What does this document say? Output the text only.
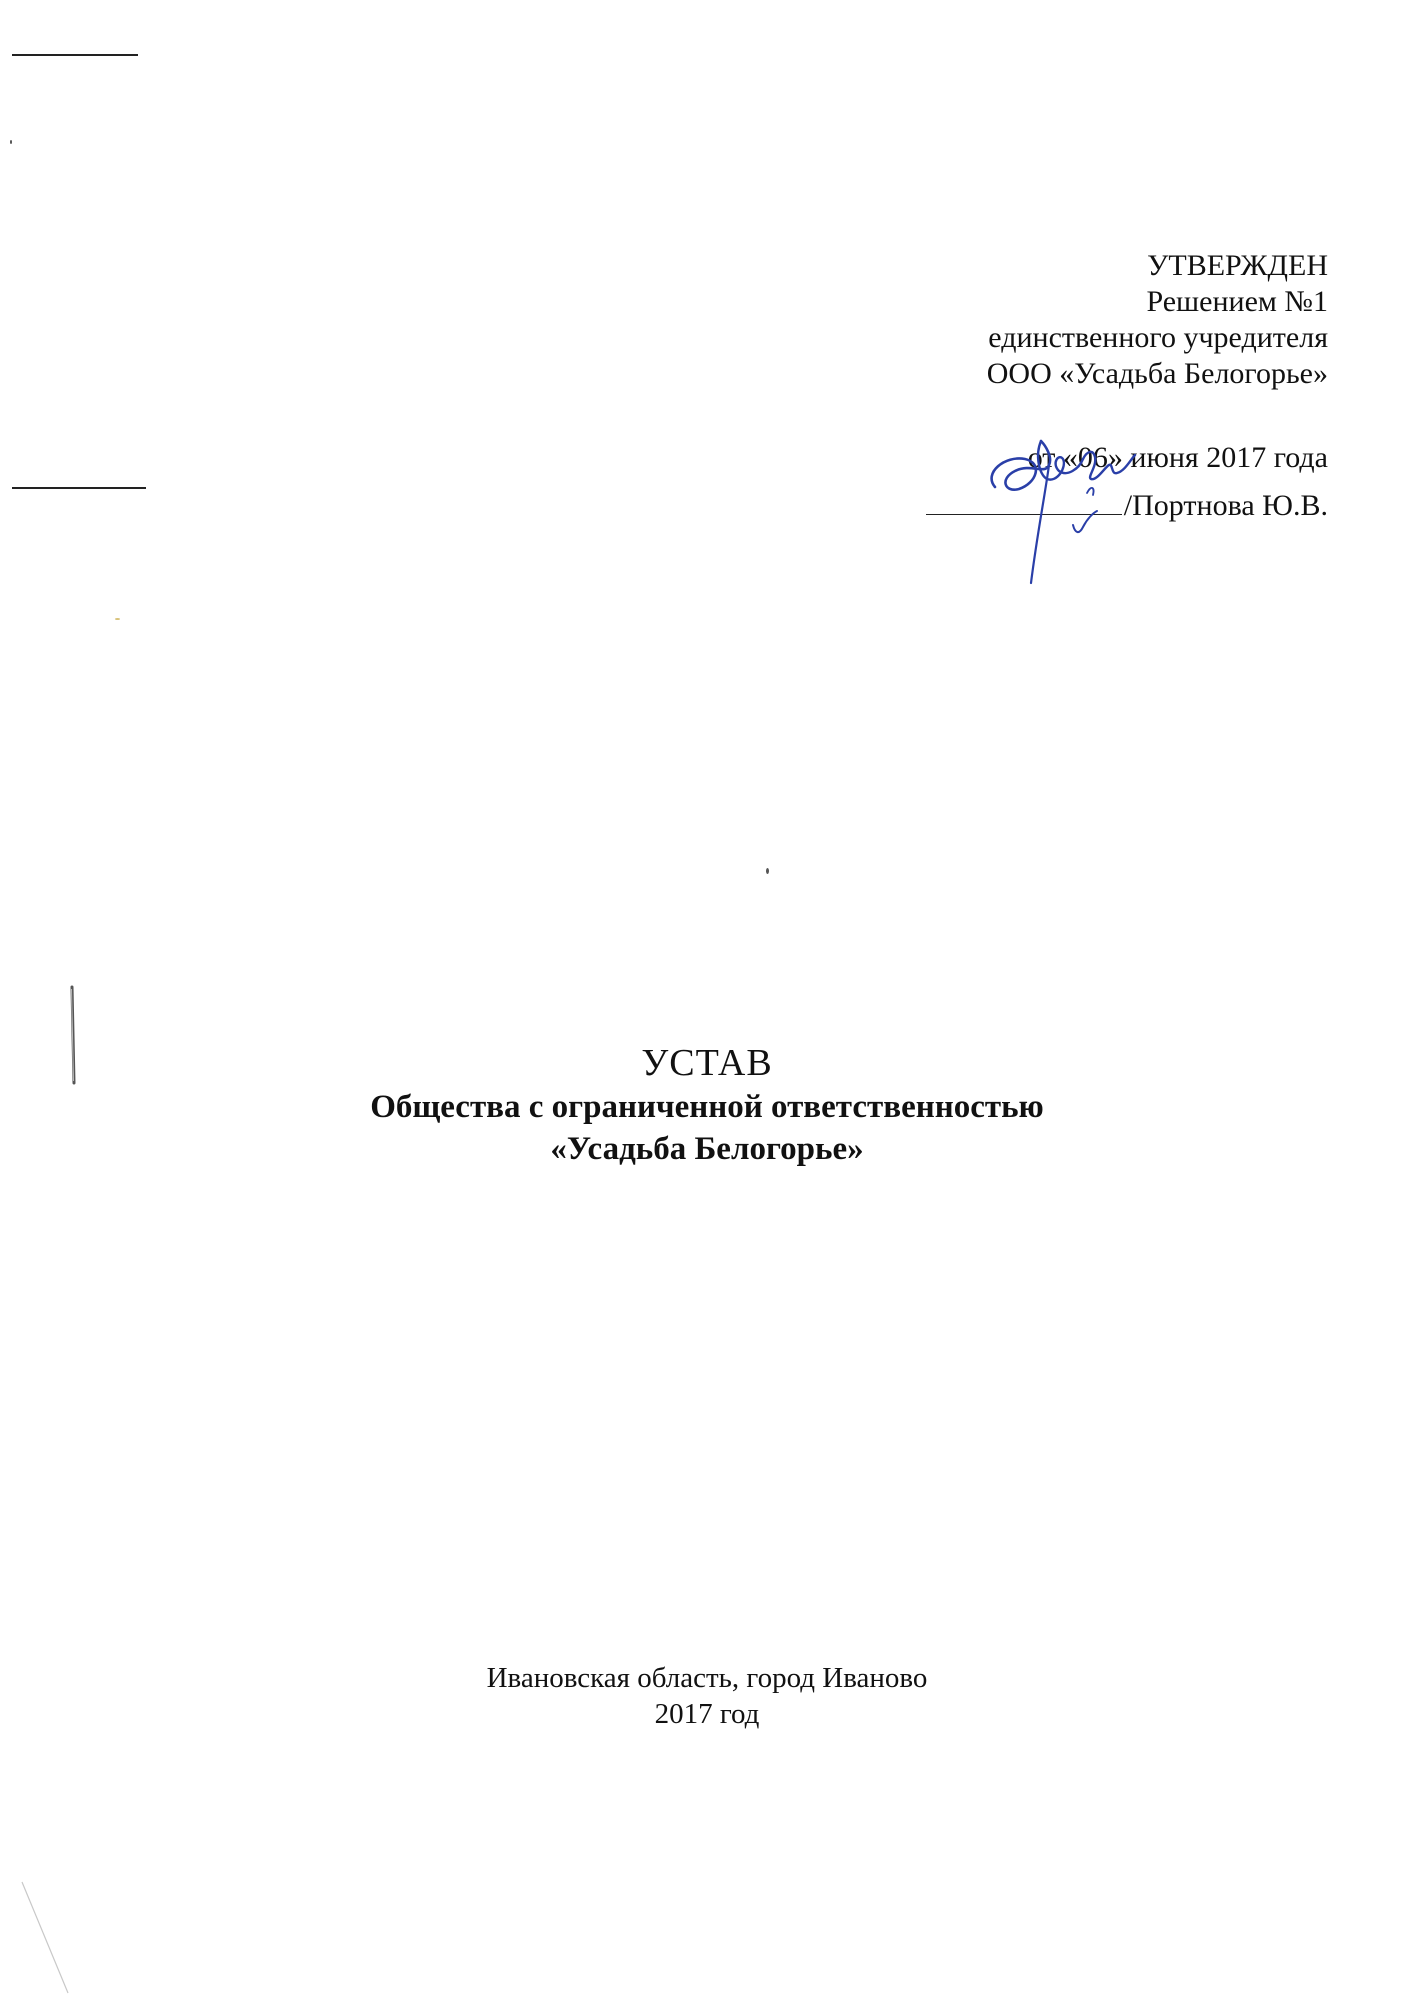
УТВЕРЖДЕН
Решением №1
единственного учредителя
ООО «Усадьба Белогорье»
от «06» июня 2017 года
/Портнова Ю.В.
УСТАВ
Общества с ограниченной ответственностью
«Усадьба Белогорье»
Ивановская область, город Иваново
2017 год
